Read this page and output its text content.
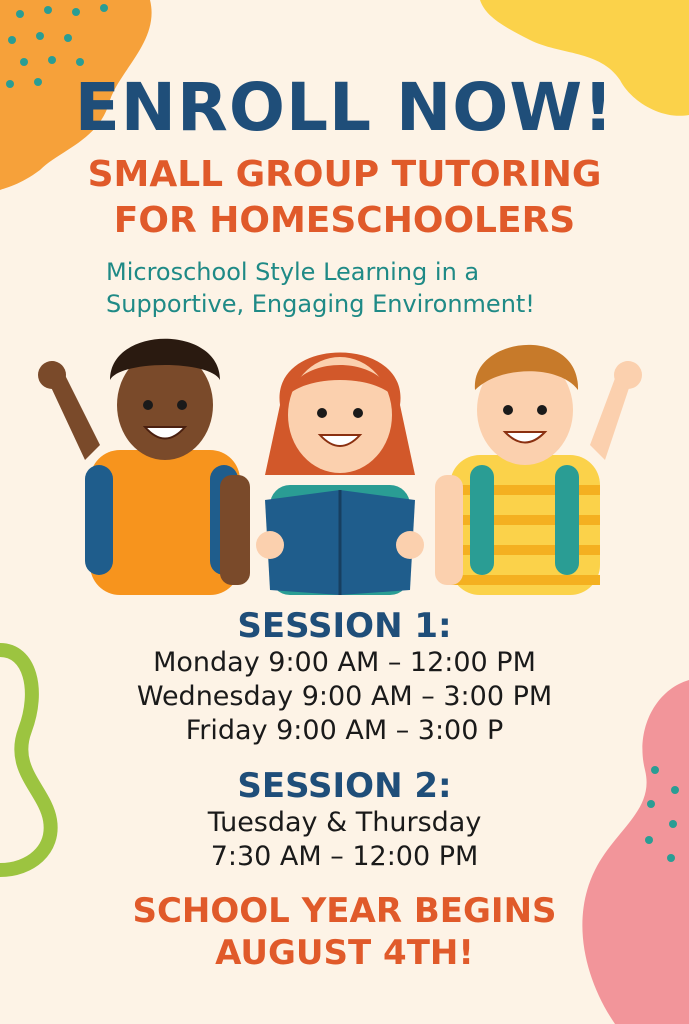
ENROLL NOW!
SMALL GROUP TUTORING
FOR HOMESCHOOLERS
Microschool Style Learning in a
Supportive, Engaging Environment!
SESSION 1:
Monday 9:00 AM – 12:00 PM
Wednesday 9:00 AM – 3:00 PM
Friday 9:00 AM – 3:00 P
SESSION 2:
Tuesday & Thursday
7:30 AM – 12:00 PM
SCHOOL YEAR BEGINS
AUGUST 4TH!
